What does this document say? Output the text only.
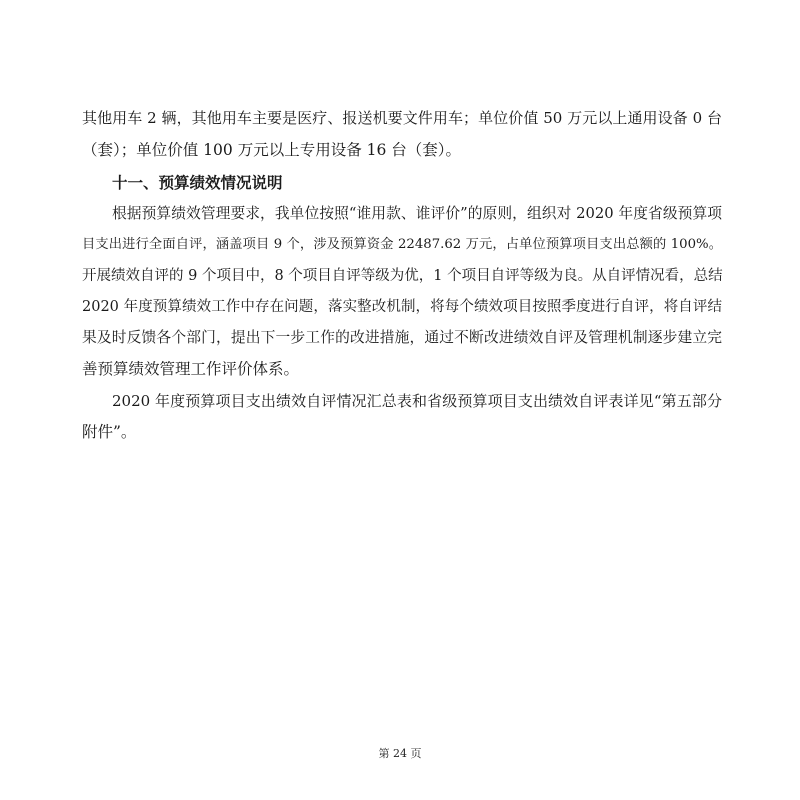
其他用车 2 辆，其他用车主要是医疗、报送机要文件用车；单位价值 50 万元以上通用设备 0 台
（套）；单位价值 100 万元以上专用设备 16 台（套）。
十一、预算绩效情况说明
根据预算绩效管理要求，我单位按照“谁用款、谁评价”的原则，组织对 2020 年度省级预算项
目支出进行全面自评，涵盖项目 9 个，涉及预算资金 22487.62 万元，占单位预算项目支出总额的 100%。
开展绩效自评的 9 个项目中，8 个项目自评等级为优，1 个项目自评等级为良。从自评情况看，总结
2020 年度预算绩效工作中存在问题，落实整改机制，将每个绩效项目按照季度进行自评，将自评结
果及时反馈各个部门，提出下一步工作的改进措施，通过不断改进绩效自评及管理机制逐步建立完
善预算绩效管理工作评价体系。
2020 年度预算项目支出绩效自评情况汇总表和省级预算项目支出绩效自评表详见“第五部分
附件”。
第 24 页
